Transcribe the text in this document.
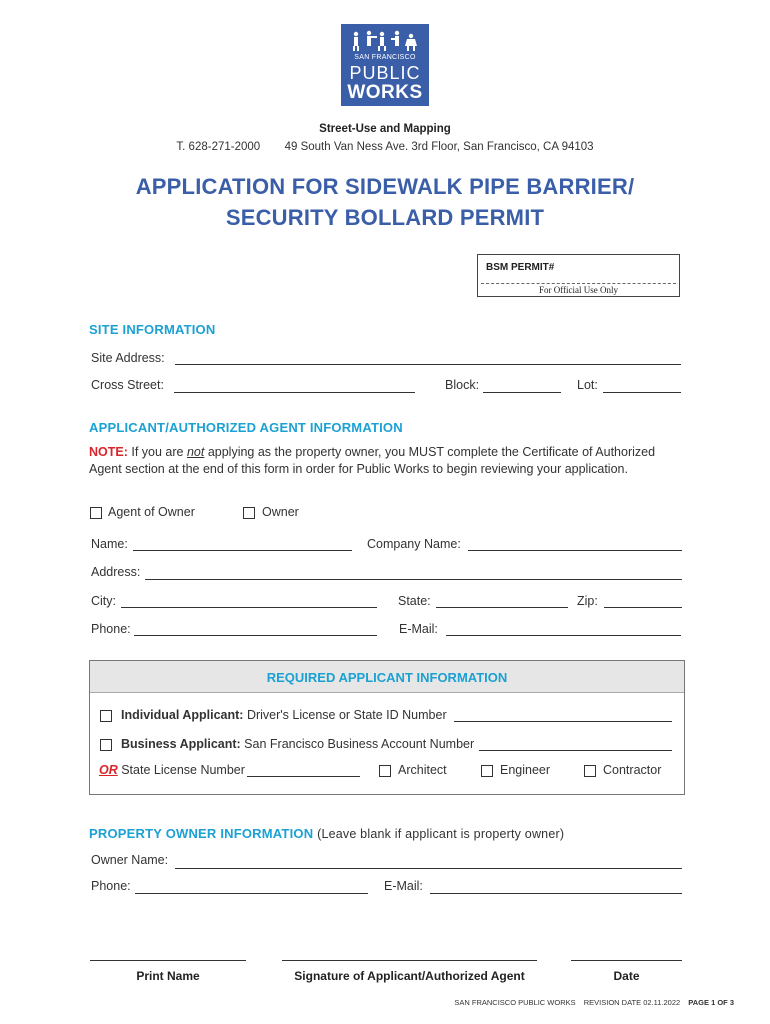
SAN FRANCISCO
PUBLIC
WORKS
Street-Use and Mapping
T. 628-271-2000 49 South Van Ness Ave. 3rd Floor, San Francisco, CA 94103
APPLICATION FOR SIDEWALK PIPE BARRIER/
SECURITY BOLLARD PERMIT
BSM PERMIT#
For Official Use Only
SITE INFORMATION
Site Address:
Cross Street:	Block:	Lot:
APPLICANT/AUTHORIZED AGENT INFORMATION
NOTE: If you are not applying as the property owner, you MUST complete the Certificate of Authorized Agent section at the end of this form in order for Public Works to begin reviewing your application.
Agent of Owner	Owner
Name:	Company Name:
Address:
City:	State:	Zip:
Phone:	E-Mail:
REQUIRED APPLICANT INFORMATION
Individual Applicant: Driver's License or State ID Number
Business Applicant: San Francisco Business Account Number
OR State License Number	Architect	Engineer	Contractor
PROPERTY OWNER INFORMATION (Leave blank if applicant is property owner)
Owner Name:
Phone:	E-Mail:
Print Name	Signature of Applicant/Authorized Agent	Date
SAN FRANCISCO PUBLIC WORKS REVISION DATE 02.11.2022 PAGE 1 OF 3
